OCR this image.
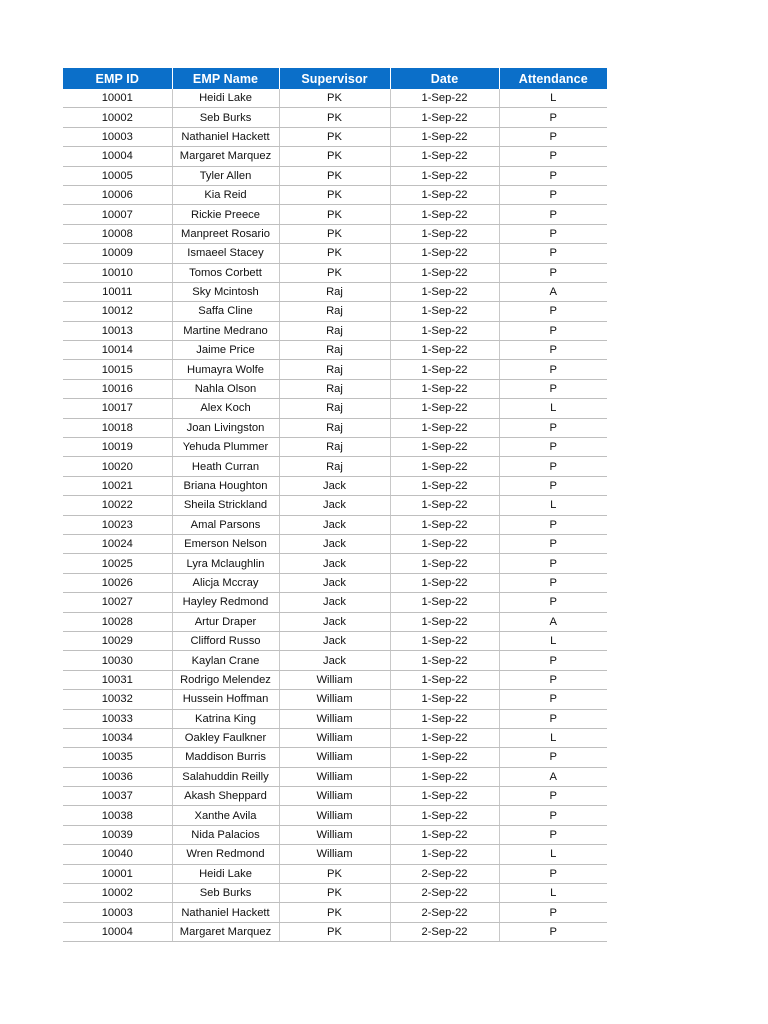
EMP ID	EMP Name	Supervisor	Date	Attendance
10001	Heidi Lake	PK	1-Sep-22	L
10002	Seb Burks	PK	1-Sep-22	P
10003	Nathaniel Hackett	PK	1-Sep-22	P
10004	Margaret Marquez	PK	1-Sep-22	P
10005	Tyler Allen	PK	1-Sep-22	P
10006	Kia Reid	PK	1-Sep-22	P
10007	Rickie Preece	PK	1-Sep-22	P
10008	Manpreet Rosario	PK	1-Sep-22	P
10009	Ismaeel Stacey	PK	1-Sep-22	P
10010	Tomos Corbett	PK	1-Sep-22	P
10011	Sky Mcintosh	Raj	1-Sep-22	A
10012	Saffa Cline	Raj	1-Sep-22	P
10013	Martine Medrano	Raj	1-Sep-22	P
10014	Jaime Price	Raj	1-Sep-22	P
10015	Humayra Wolfe	Raj	1-Sep-22	P
10016	Nahla Olson	Raj	1-Sep-22	P
10017	Alex Koch	Raj	1-Sep-22	L
10018	Joan Livingston	Raj	1-Sep-22	P
10019	Yehuda Plummer	Raj	1-Sep-22	P
10020	Heath Curran	Raj	1-Sep-22	P
10021	Briana Houghton	Jack	1-Sep-22	P
10022	Sheila Strickland	Jack	1-Sep-22	L
10023	Amal Parsons	Jack	1-Sep-22	P
10024	Emerson Nelson	Jack	1-Sep-22	P
10025	Lyra Mclaughlin	Jack	1-Sep-22	P
10026	Alicja Mccray	Jack	1-Sep-22	P
10027	Hayley Redmond	Jack	1-Sep-22	P
10028	Artur Draper	Jack	1-Sep-22	A
10029	Clifford Russo	Jack	1-Sep-22	L
10030	Kaylan Crane	Jack	1-Sep-22	P
10031	Rodrigo Melendez	William	1-Sep-22	P
10032	Hussein Hoffman	William	1-Sep-22	P
10033	Katrina King	William	1-Sep-22	P
10034	Oakley Faulkner	William	1-Sep-22	L
10035	Maddison Burris	William	1-Sep-22	P
10036	Salahuddin Reilly	William	1-Sep-22	A
10037	Akash Sheppard	William	1-Sep-22	P
10038	Xanthe Avila	William	1-Sep-22	P
10039	Nida Palacios	William	1-Sep-22	P
10040	Wren Redmond	William	1-Sep-22	L
10001	Heidi Lake	PK	2-Sep-22	P
10002	Seb Burks	PK	2-Sep-22	L
10003	Nathaniel Hackett	PK	2-Sep-22	P
10004	Margaret Marquez	PK	2-Sep-22	P
